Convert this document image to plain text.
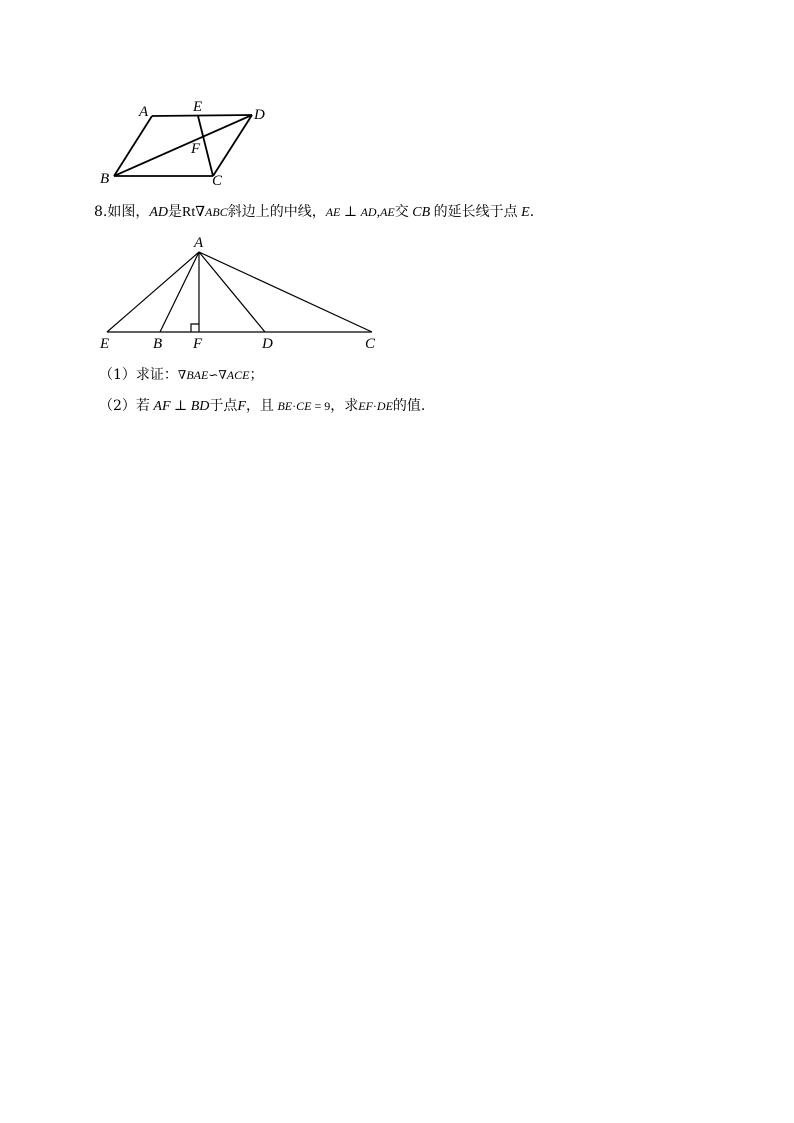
A	E	D
F
B	C
8.如图，AD是Rt∇ABC斜边上的中线，AE ⊥ AD,AE交 CB 的延长线于点 E.
A
E	B F	D	C
（1）求证：∇BAE∽∇ACE；
（2）若 AF ⊥ BD于点F，且 BE·CE = 9，求EF·DE的值.
